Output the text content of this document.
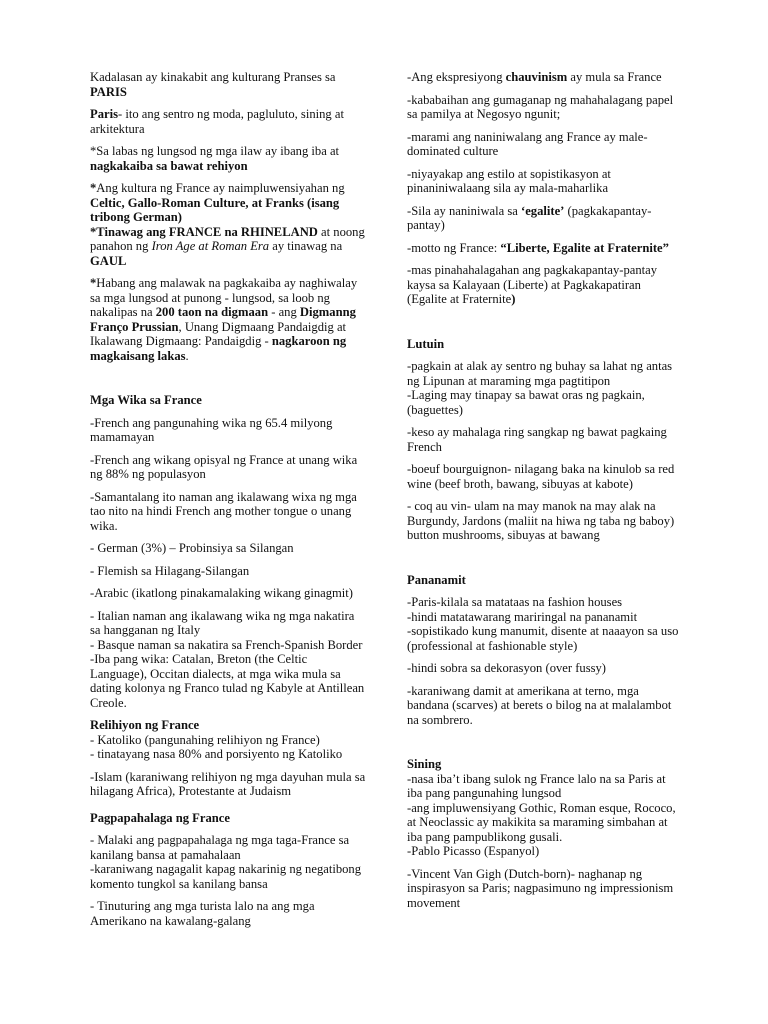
Kadalasan ay kinakabit ang kulturang Pranses sa PARIS

Paris- ito ang sentro ng moda, pagluluto, sining at arkitektura

*Sa labas ng lungsod ng mga ilaw ay ibang iba at nagkakaiba sa bawat rehiyon

*Ang kultura ng France ay naimpluwensiyahan ng Celtic, Gallo-Roman Culture, at Franks (isang tribong German)
*Tinawag ang FRANCE na RHINELAND at noong panahon ng Iron Age at Roman Era ay tinawag na GAUL

*Habang ang malawak na pagkakaiba ay naghiwalay sa mga lungsod at punong - lungsod, sa loob ng nakalipas na 200 taon na digmaan - ang Digmanng Franço Prussian, Unang Digmaang Pandaigdig at Ikalawang Digmaang: Pandaigdig - nagkaroon ng magkaisang lakas.

Mga Wika sa France

-French ang pangunahing wika ng 65.4 milyong mamamayan

-French ang wikang opisyal ng France at unang wika ng 88% ng populasyon

-Samantalang ito naman ang ikalawang wixa ng mga tao nito na hindi French ang mother tongue o unang wika.

- German (3%) – Probinsiya sa Silangan

- Flemish sa Hilagang-Silangan

-Arabic (ikatlong pinakamalaking wikang ginagmit)

- Italian naman ang ikalawang wika ng mga nakatira sa hangganan ng Italy
- Basque naman sa nakatira sa French-Spanish Border
-Iba pang wika: Catalan, Breton (the Celtic Language), Occitan dialects, at mga wika mula sa dating kolonya ng Franco tulad ng Kabyle at Antillean Creole.

Relihiyon ng France
- Katoliko (pangunahing relihiyon ng France)
- tinatayang nasa 80% and porsiyento ng Katoliko

-Islam (karaniwang relihiyon ng mga dayuhan mula sa hilagang Africa), Protestante at Judaism

Pagpapahalaga ng France

- Malaki ang pagpapahalaga ng mga taga-France sa kanilang bansa at pamahalaan
-karaniwang nagagalit kapag nakarinig ng negatibong komento tungkol sa kanilang bansa

- Tinuturing ang mga turista lalo na ang mga Amerikano na kawalang-galang

-Ang ekspresiyong chauvinism ay mula sa France

-kababaihan ang gumaganap ng mahahalagang papel sa pamilya at Negosyo ngunit;

-marami ang naniniwalang ang France ay male-dominated culture

-niyayakap ang estilo at sopistikasyon at pinaniniwalaang sila ay mala-maharlika

-Sila ay naniniwala sa ‘egalite’ (pagkakapantay-pantay)

-motto ng France: “Liberte, Egalite at Fraternite”

-mas pinahahalagahan ang pagkakapantay-pantay kaysa sa Kalayaan (Liberte) at Pagkakapatiran (Egalite at Fraternite)

Lutuin

-pagkain at alak ay sentro ng buhay sa lahat ng antas ng Lipunan at maraming mga pagtitipon
-Laging may tinapay sa bawat oras ng pagkain, (baguettes)

-keso ay mahalaga ring sangkap ng bawat pagkaing French

-boeuf bourguignon- nilagang baka na kinulob sa red wine (beef broth, bawang, sibuyas at kabote)

- coq au vin- ulam na may manok na may alak na Burgundy, Jardons (maliit na hiwa ng taba ng baboy) button mushrooms, sibuyas at bawang

Pananamit

-Paris-kilala sa matataas na fashion houses
-hindi matatawarang mariringal na pananamit
-sopistikado kung manumit, disente at naaayon sa uso (professional at fashionable style)

-hindi sobra sa dekorasyon (over fussy)

-karaniwang damit at amerikana at terno, mga bandana (scarves) at berets o bilog na at malalambot na sombrero.

Sining
-nasa iba’t ibang sulok ng France lalo na sa Paris at iba pang pangunahing lungsod
-ang impluwensiyang Gothic, Roman esque, Rococo, at Neoclassic ay makikita sa maraming simbahan at iba pang pampublikong gusali.
-Pablo Picasso (Espanyol)

-Vincent Van Gigh (Dutch-born)- naghanap ng inspirasyon sa Paris; nagpasimuno ng impressionism movement
